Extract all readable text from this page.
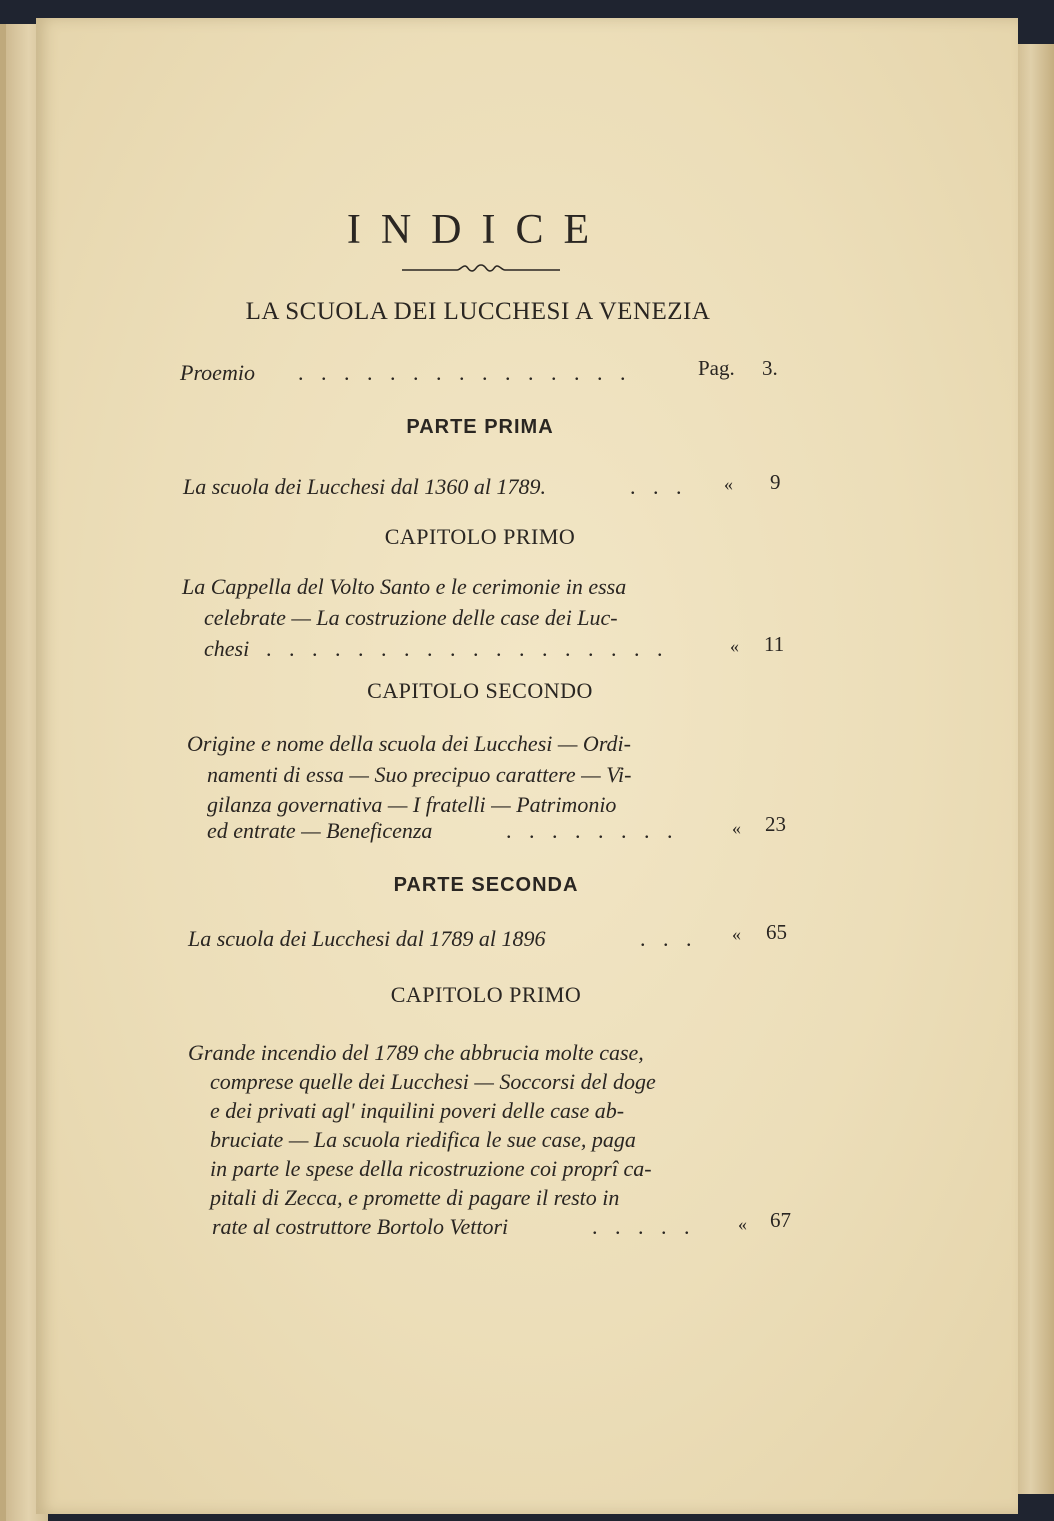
INDICE
LA SCUOLA DEI LUCCHESI A VENEZIA
Proemio . . . . . . . . . . . . . . .	Pag. 3.
PARTE PRIMA
La scuola dei Lucchesi dal 1360 al 1789.	. . . « 9
CAPITOLO PRIMO
La Cappella del Volto Santo e le cerimonie in essa
celebrate — La costruzione delle case dei Luc-
chesi . . . . . . . . . . . . . . . . . .	« 11
CAPITOLO SECONDO
Origine e nome della scuola dei Lucchesi — Ordi-
namenti di essa — Suo precipuo carattere — Vi-
gilanza governativa — I fratelli — Patrimonio
ed entrate — Beneficenza	. . . . . . . .	« 23
PARTE SECONDA
La scuola dei Lucchesi dal 1789 al 1896	. . . « 65
CAPITOLO PRIMO
Grande incendio del 1789 che abbrucia molte case,
comprese quelle dei Lucchesi — Soccorsi del doge
e dei privati agl' inquilini poveri delle case ab-
bruciate — La scuola riedifica le sue case, paga
in parte le spese della ricostruzione coi proprî ca-
pitali di Zecca, e promette di pagare il resto in
rate al costruttore Bortolo Vettori	. . . . . « 67
